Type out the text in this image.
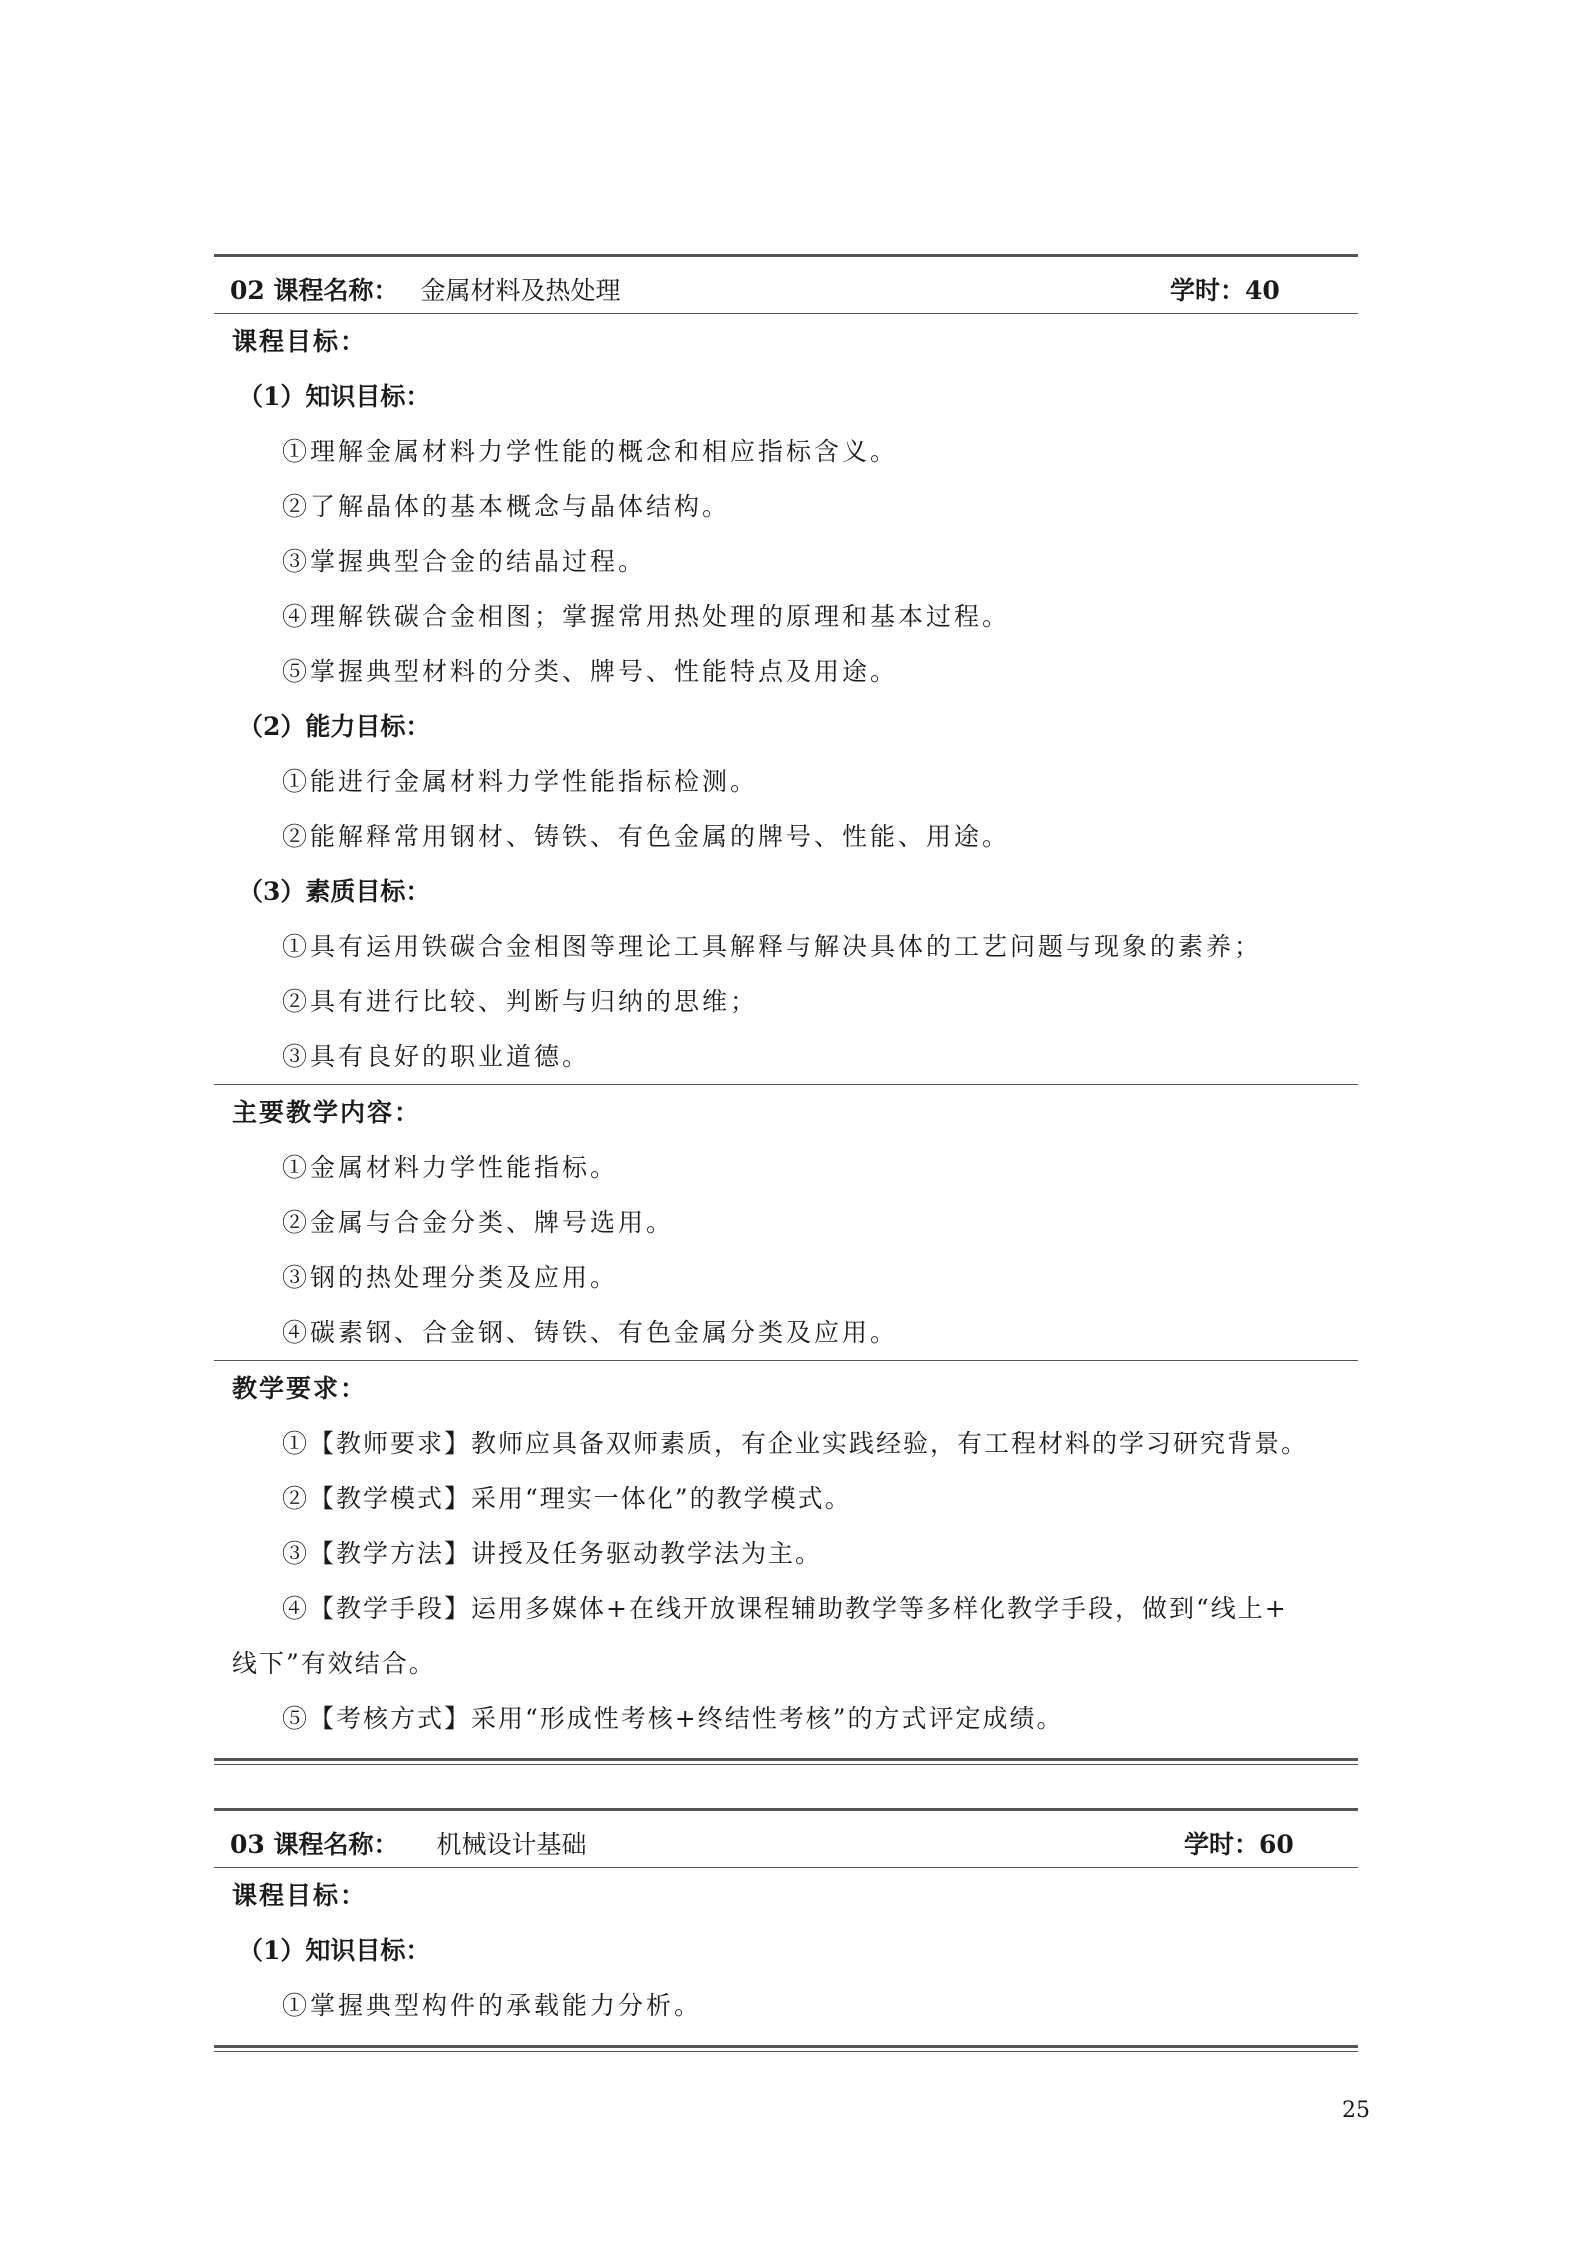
02 课程名称： 金属材料及热处理	学时：40
课程目标：
（1）知识目标：
①理解金属材料力学性能的概念和相应指标含义。
②了解晶体的基本概念与晶体结构。
③掌握典型合金的结晶过程。
④理解铁碳合金相图；掌握常用热处理的原理和基本过程。
⑤掌握典型材料的分类、牌号、性能特点及用途。
（2）能力目标：
①能进行金属材料力学性能指标检测。
②能解释常用钢材、铸铁、有色金属的牌号、性能、用途。
（3）素质目标：
①具有运用铁碳合金相图等理论工具解释与解决具体的工艺问题与现象的素养；
②具有进行比较、判断与归纳的思维；
③具有良好的职业道德。
主要教学内容：
①金属材料力学性能指标。
②金属与合金分类、牌号选用。
③钢的热处理分类及应用。
④碳素钢、合金钢、铸铁、有色金属分类及应用。
教学要求：
①【教师要求】教师应具备双师素质，有企业实践经验，有工程材料的学习研究背景。
②【教学模式】采用“理实一体化”的教学模式。
③【教学方法】讲授及任务驱动教学法为主。
④【教学手段】运用多媒体+在线开放课程辅助教学等多样化教学手段，做到“线上+
线下”有效结合。
⑤【考核方式】采用“形成性考核+终结性考核”的方式评定成绩。
03 课程名称： 机械设计基础	学时：60
课程目标：
（1）知识目标：
①掌握典型构件的承载能力分析。
25
